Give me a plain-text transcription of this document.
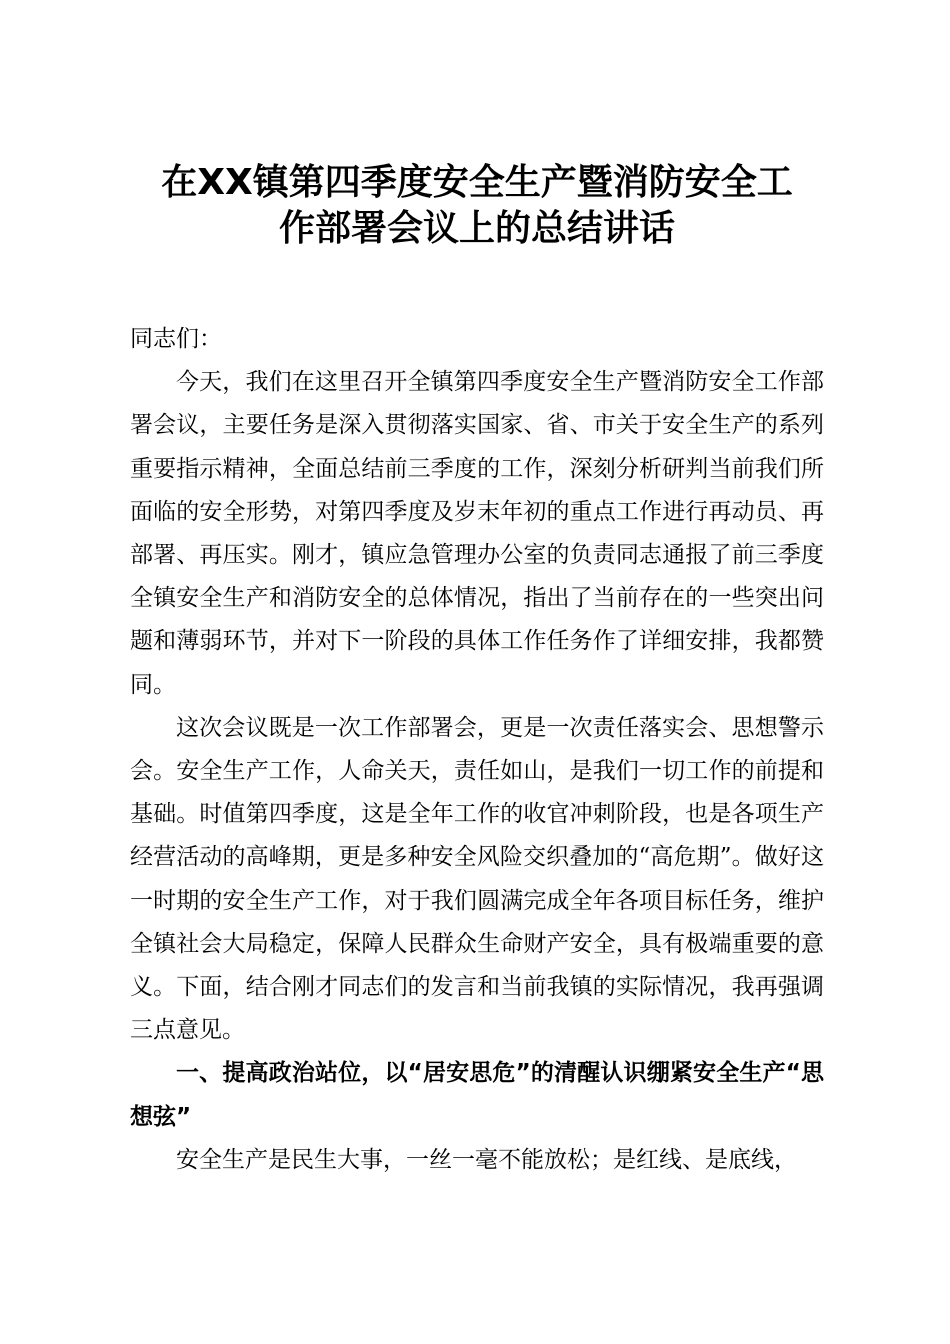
在XX镇第四季度安全生产暨消防安全工
作部署会议上的总结讲话

同志们：

今天，我们在这里召开全镇第四季度安全生产暨消防安全工作部署会议，主要任务是深入贯彻落实国家、省、市关于安全生产的系列重要指示精神，全面总结前三季度的工作，深刻分析研判当前我们所面临的安全形势，对第四季度及岁末年初的重点工作进行再动员、再部署、再压实。刚才，镇应急管理办公室的负责同志通报了前三季度全镇安全生产和消防安全的总体情况，指出了当前存在的一些突出问题和薄弱环节，并对下一阶段的具体工作任务作了详细安排，我都赞同。

这次会议既是一次工作部署会，更是一次责任落实会、思想警示会。安全生产工作，人命关天，责任如山，是我们一切工作的前提和基础。时值第四季度，这是全年工作的收官冲刺阶段，也是各项生产经营活动的高峰期，更是多种安全风险交织叠加的“高危期”。做好这一时期的安全生产工作，对于我们圆满完成全年各项目标任务，维护全镇社会大局稳定，保障人民群众生命财产安全，具有极端重要的意义。下面，结合刚才同志们的发言和当前我镇的实际情况，我再强调三点意见。

一、提高政治站位，以“居安思危”的清醒认识绷紧安全生产“思想弦”

安全生产是民生大事，一丝一毫不能放松；是红线、是底线，
